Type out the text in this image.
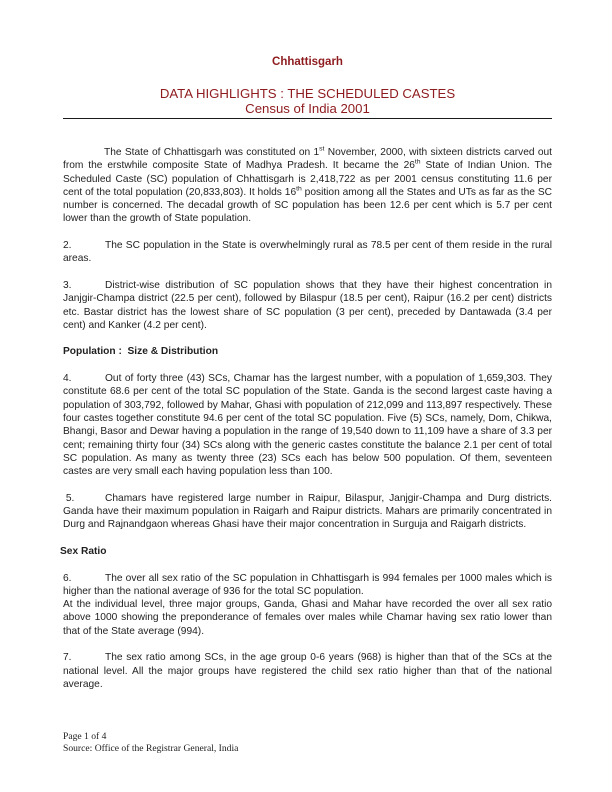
Chhattisgarh
DATA HIGHLIGHTS : THE SCHEDULED CASTES
Census of India 2001

The State of Chhattisgarh was constituted on 1st November, 2000, with sixteen districts carved out from the erstwhile composite State of Madhya Pradesh. It became the 26th State of Indian Union. The Scheduled Caste (SC) population of Chhattisgarh is 2,418,722 as per 2001 census constituting 11.6 per cent of the total population (20,833,803). It holds 16th position among all the States and UTs as far as the SC number is concerned. The decadal growth of SC population has been 12.6 per cent which is 5.7 per cent lower than the growth of State population.

2.	The SC population in the State is overwhelmingly rural as 78.5 per cent of them reside in the rural areas.

3.	District-wise distribution of SC population shows that they have their highest concentration in Janjgir-Champa district (22.5 per cent), followed by Bilaspur (18.5 per cent), Raipur (16.2 per cent) districts etc. Bastar district has the lowest share of SC population (3 per cent), preceded by Dantawada (3.4 per cent) and Kanker (4.2 per cent).

Population :  Size & Distribution

4.	Out of forty three (43) SCs, Chamar has the largest number, with a population of 1,659,303. They constitute 68.6 per cent of the total SC population of the State. Ganda is the second largest caste having a population of 303,792, followed by Mahar, Ghasi with population of 212,099 and 113,897 respectively. These four castes together constitute 94.6 per cent of the total SC population. Five (5) SCs, namely, Dom, Chikwa, Bhangi, Basor and Dewar having a population in the range of 19,540 down to 11,109 have a share of 3.3 per cent; remaining thirty four (34) SCs along with the generic castes constitute the balance 2.1 per cent of total SC population. As many as twenty three (23) SCs each has below 500 population. Of them, seventeen castes are very small each having population less than 100.

5.	Chamars have registered large number in Raipur, Bilaspur, Janjgir-Champa and Durg districts. Ganda have their maximum population in Raigarh and Raipur districts. Mahars are primarily concentrated in Durg and Rajnandgaon whereas Ghasi have their major concentration in Surguja and Raigarh districts.

Sex Ratio

6.	The over all sex ratio of the SC population in Chhattisgarh is 994 females per 1000 males which is higher than the national average of 936 for the total SC population.
At the individual level, three major groups, Ganda, Ghasi and Mahar have recorded the over all sex ratio above 1000 showing the preponderance of females over males while Chamar having sex ratio lower than that of the State average (994).

7.	The sex ratio among SCs, in the age group 0-6 years (968) is higher than that of the SCs at the national level. All the major groups have registered the child sex ratio higher than that of the national average.

Page 1 of 4
Source: Office of the Registrar General, India
